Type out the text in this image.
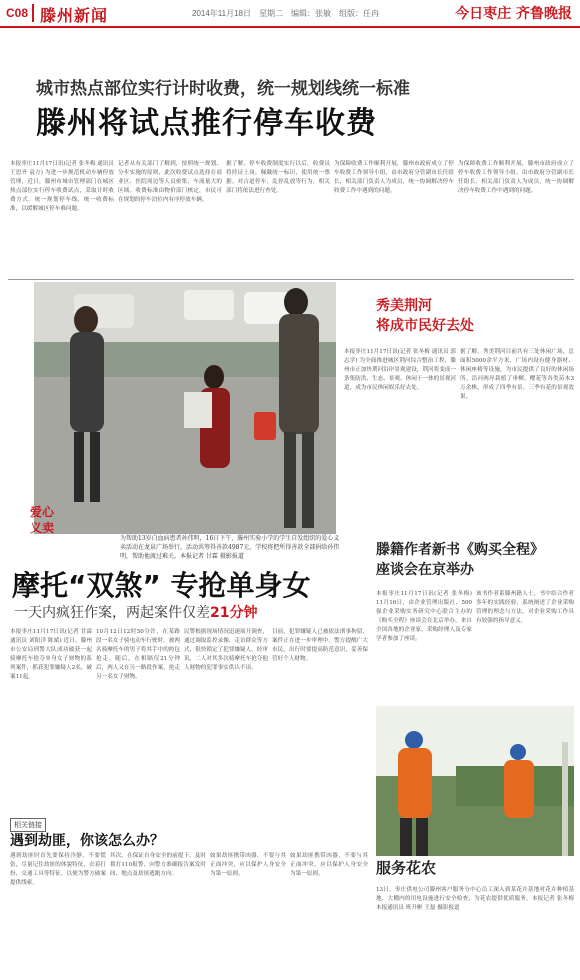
C08 滕州新闻	2014年11月18日　星期二　编辑：张敏　组版：任冉	今日枣庄 齐鲁晚报
城市热点部位实行计时收费，统一规划线统一标准
滕州将试点推行停车收费
本报枣庄11月17日讯(记者 张冬梅 通讯员 王思齐 袁方) 为进一步规范机动车辆停放管理，近日，滕州市城市管理部门在城区热点部位实行停车收费试点，采取计时收费方式。统一规划停车线，统一收费标准，以缓解城区停车难问题。
记者从有关部门了解到，按照统一规划、分步实施的原则，此次收费试点选择在商业区、医院周边等人员密集、车流量大的区域。收费标准由物价部门核定，市民可在规划的停车泊位内有序停放车辆。
据了解，停车收费制度实行以后，收费员将持证上岗，佩戴统一标识，使用统一票据。对占道停车、乱停乱放等行为，相关部门将依法进行查处。
为保障收费工作顺利开展，滕州市政府成立了停车收费工作领导小组，由市政府分管副市长任组长，相关部门负责人为成员，统一协调解决停车收费工作中遇到的问题。
为保障收费工作顺利开展，滕州市政府成立了停车收费工作领导小组，由市政府分管副市长任组长，相关部门负责人为成员，统一协调解决停车收费工作中遇到的问题。
爱心
义卖
为帮助13岁白血病患者孙伟明，16日下午，滕州实验小学的学生自发组织的爱心义卖活动在龙泉广场举行，活动共筹得善款4987元，学校将把所得善款全部捐给孙伟明，帮助他渡过难关。本报记者 甘霖 摄影报道
秀美荆河
将成市民好去处
本报枣庄11月17日讯(记者 张冬梅 通讯员 郭志学) 为全面推进城区荆河综合整治工程，滕州市正加快荆河沿岸景观建设，荆河将变成一条集防洪、生态、景观、休闲于一体的景观河道，成为市民休闲娱乐好去处。
据了解，秀美荆河目前共有三处休闲广场，总面积5000余平方米，广场内设有健身器材、休闲座椅等设施，为市民提供了良好的休闲场所。沿河两岸栽植了垂柳、樱花等各类苗木3万余株，形成了四季有景、三季有花的景观效果。
滕籍作者新书《购买全程》
座谈会在京举办
本报枣庄11月17日讯(记者 张冬梅) 11月16日，由企业管理出版社、500强企业采购实务研究中心联合主办的《购买全程》座谈会在北京举办，来自全国各地的企业家、采购经理人及专家学者参加了座谈。
该书作者系滕州籍人士，书中结合作者多年的实践经验，系统阐述了企业采购管理的理念与方法，对企业采购工作具有较强的指导意义。
摩托“双煞” 专抢单身女
一天内疯狂作案，两起案件仅差21分钟
本报枣庄11月17日讯(记者 甘霖 通讯员 刘阳洋 陈斌) 近日，滕州市公安局刑警大队成功破获一起骑摩托车抢夺单身女子财物的系列案件，抓获犯罪嫌疑人2名，破案11起。
10月12日12时50分许，在某路段一名女子骑电动车行驶时，被两名骑摩托车的男子将其手中的挎包抢走。随后，在相隔仅21分钟后，两人又在另一路段作案，抢走另一名女子财物。
民警根据现场情况迅速展开调查，通过调取监控录像、走访群众等方式，很快锁定了犯罪嫌疑人。经审讯，二人对其多次骑摩托车抢夺他人财物的犯罪事实供认不讳。
目前，犯罪嫌疑人已被依法刑事拘留，案件正在进一步审理中。警方提醒广大市民，出行时要提高防范意识，妥善保管好个人财物。
相关链接
遇到劫匪，你该怎么办？
遇到劫匪时首先要保持冷静，不要慌张，尽量记住劫匪的体貌特征、衣着打扮、交通工具等特征，以便为警方破案提供线索。
其次，在保证自身安全的前提下，及时拨打110报警，向警方准确报告案发时间、地点及劫匪逃跑方向。
如果劫匪携带凶器，不要与其正面冲突，应以保护人身安全为第一原则。
如果劫匪携带凶器，不要与其正面冲突，应以保护人身安全为第一原则。	服务花农
13日，枣庄供电公司滕州客户服务分中心员工深入到某花卉基地对花卉种植基地、大棚内的用电设施进行安全检查，为花农提供优质服务。本报记者 张冬梅 本报通讯员 班升彬 王磊 摄影报道
